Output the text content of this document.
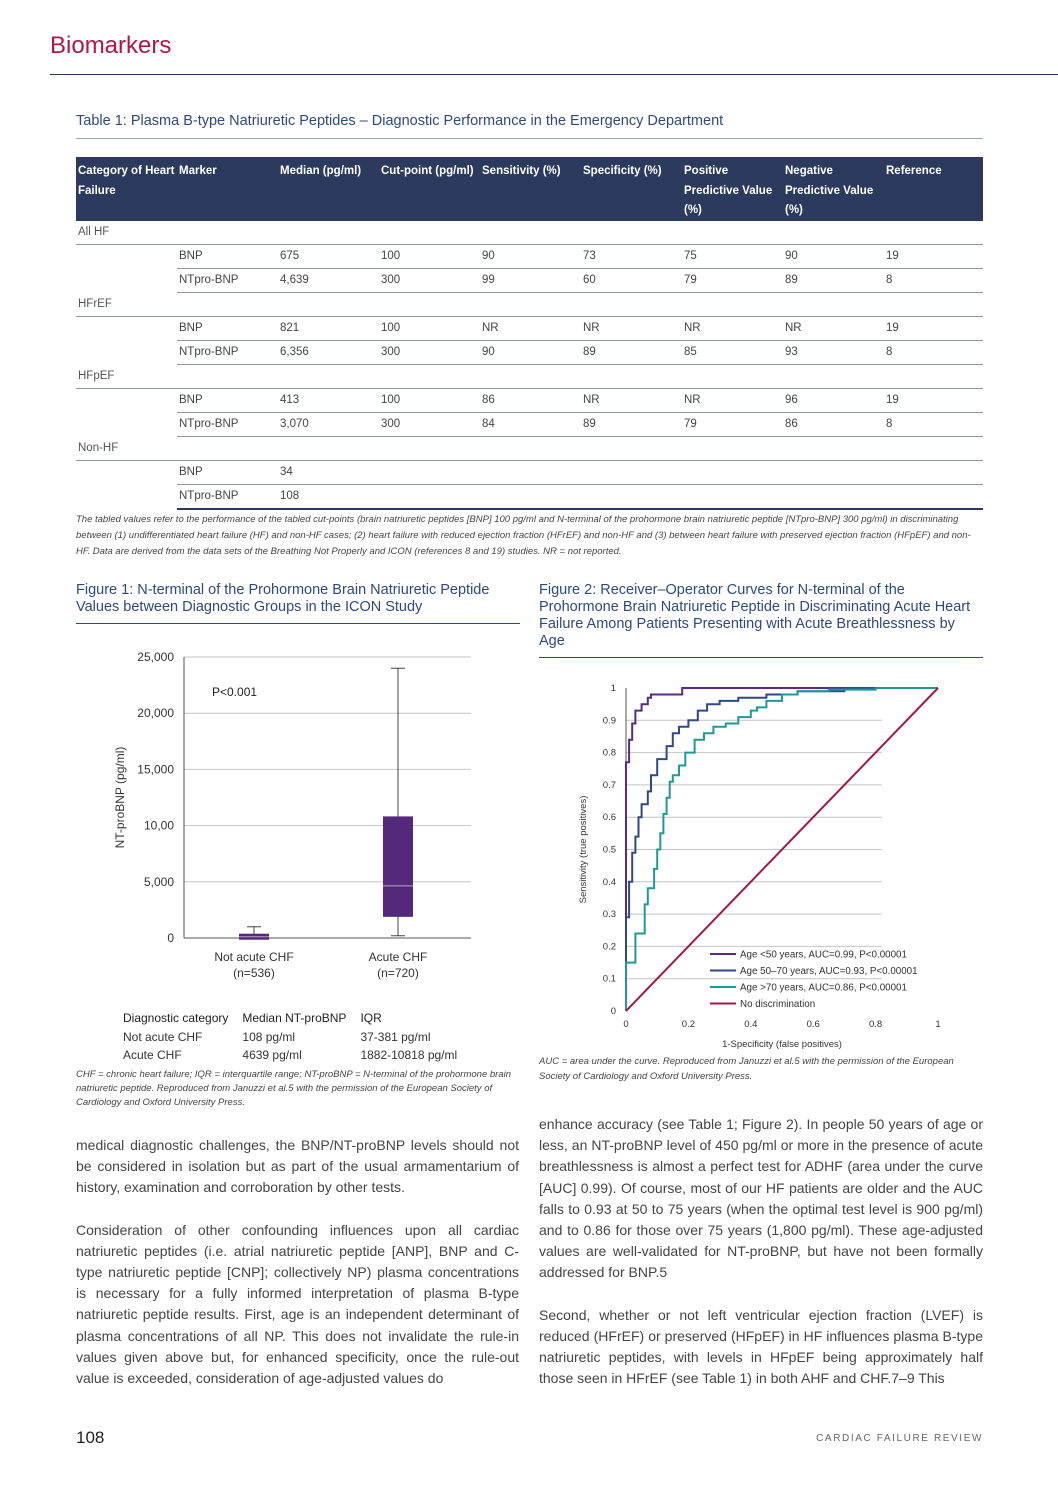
Biomarkers
Table 1: Plasma B-type Natriuretic Peptides – Diagnostic Performance in the Emergency Department
Category of Heart Failure	Marker	Median (pg/ml)	Cut-point (pg/ml)	Sensitivity (%)	Specificity (%)	Positive Predictive Value (%)	Negative Predictive Value (%)	Reference
All HF								
	BNP	675	100	90	73	75	90	19
	NTpro-BNP	4,639	300	99	60	79	89	8
HFrEF								
	BNP	821	100	NR	NR	NR	NR	19
	NTpro-BNP	6,356	300	90	89	85	93	8
HFpEF								
	BNP	413	100	86	NR	NR	96	19
	NTpro-BNP	3,070	300	84	89	79	86	8
Non-HF								
	BNP	34						
	NTpro-BNP	108						
The tabled values refer to the performance of the tabled cut-points (brain natriuretic peptides [BNP] 100 pg/ml and N-terminal of the prohormone brain natriuretic peptide [NTpro-BNP] 300 pg/ml) in discriminating between (1) undifferentiated heart failure (HF) and non-HF cases; (2) heart failure with reduced ejection fraction (HFrEF) and non-HF and (3) between heart failure with preserved ejection fraction (HFpEF) and non-HF. Data are derived from the data sets of the Breathing Not Properly and ICON (references 8 and 19) studies. NR = not reported.
Figure 1: N-terminal of the Prohormone Brain Natriuretic Peptide Values between Diagnostic Groups in the ICON Study
0
5,000
10,00
15,000
20,000
25,000
NT-proBNP (pg/ml)
P<0.001
Not acute CHF
(n=536)
Acute CHF
(n=720)
Diagnostic category	Median NT-proBNP	IQR
Not acute CHF	108 pg/ml	37-381 pg/ml
Acute CHF	4639 pg/ml	1882-10818 pg/ml
CHF = chronic heart failure; IQR = interquartile range; NT-proBNP = N-terminal of the prohormone brain natriuretic peptide. Reproduced from Januzzi et al.5 with the permission of the European Society of Cardiology and Oxford University Press.
Figure 2: Receiver–Operator Curves for N-terminal of the Prohormone Brain Natriuretic Peptide in Discriminating Acute Heart Failure Among Patients Presenting with Acute Breathlessness by Age
0
0.1
0.2
0.3
0.4
0.5
0.6
0.7
0.8
0.9
1
0	0.2	0.4	0.6	0.8	1
1-Specificity (false positives)
Sensitivity (true positives)
Age <50 years, AUC=0.99, P<0.00001
Age 50–70 years, AUC=0.93, P<0.00001
Age >70 years, AUC=0.86, P<0.00001
No discrimination
AUC = area under the curve. Reproduced from Januzzi et al.5 with the permission of the European Society of Cardiology and Oxford University Press.

medical diagnostic challenges, the BNP/NT-proBNP levels should not be considered in isolation but as part of the usual armamentarium of history, examination and corroboration by other tests.

Consideration of other confounding influences upon all cardiac natriuretic peptides (i.e. atrial natriuretic peptide [ANP], BNP and C-type natriuretic peptide [CNP]; collectively NP) plasma concentrations is necessary for a fully informed interpretation of plasma B-type natriuretic peptide results. First, age is an independent determinant of plasma concentrations of all NP. This does not invalidate the rule-in values given above but, for enhanced specificity, once the rule-out value is exceeded, consideration of age-adjusted values do

enhance accuracy (see Table 1; Figure 2). In people 50 years of age or less, an NT-proBNP level of 450 pg/ml or more in the presence of acute breathlessness is almost a perfect test for ADHF (area under the curve [AUC] 0.99). Of course, most of our HF patients are older and the AUC falls to 0.93 at 50 to 75 years (when the optimal test level is 900 pg/ml) and to 0.86 for those over 75 years (1,800 pg/ml). These age-adjusted values are well-validated for NT-proBNP, but have not been formally addressed for BNP.5

Second, whether or not left ventricular ejection fraction (LVEF) is reduced (HFrEF) or preserved (HFpEF) in HF influences plasma B-type natriuretic peptides, with levels in HFpEF being approximately half those seen in HFrEF (see Table 1) in both AHF and CHF.7–9 This

108	CARDIAC FAILURE REVIEW
